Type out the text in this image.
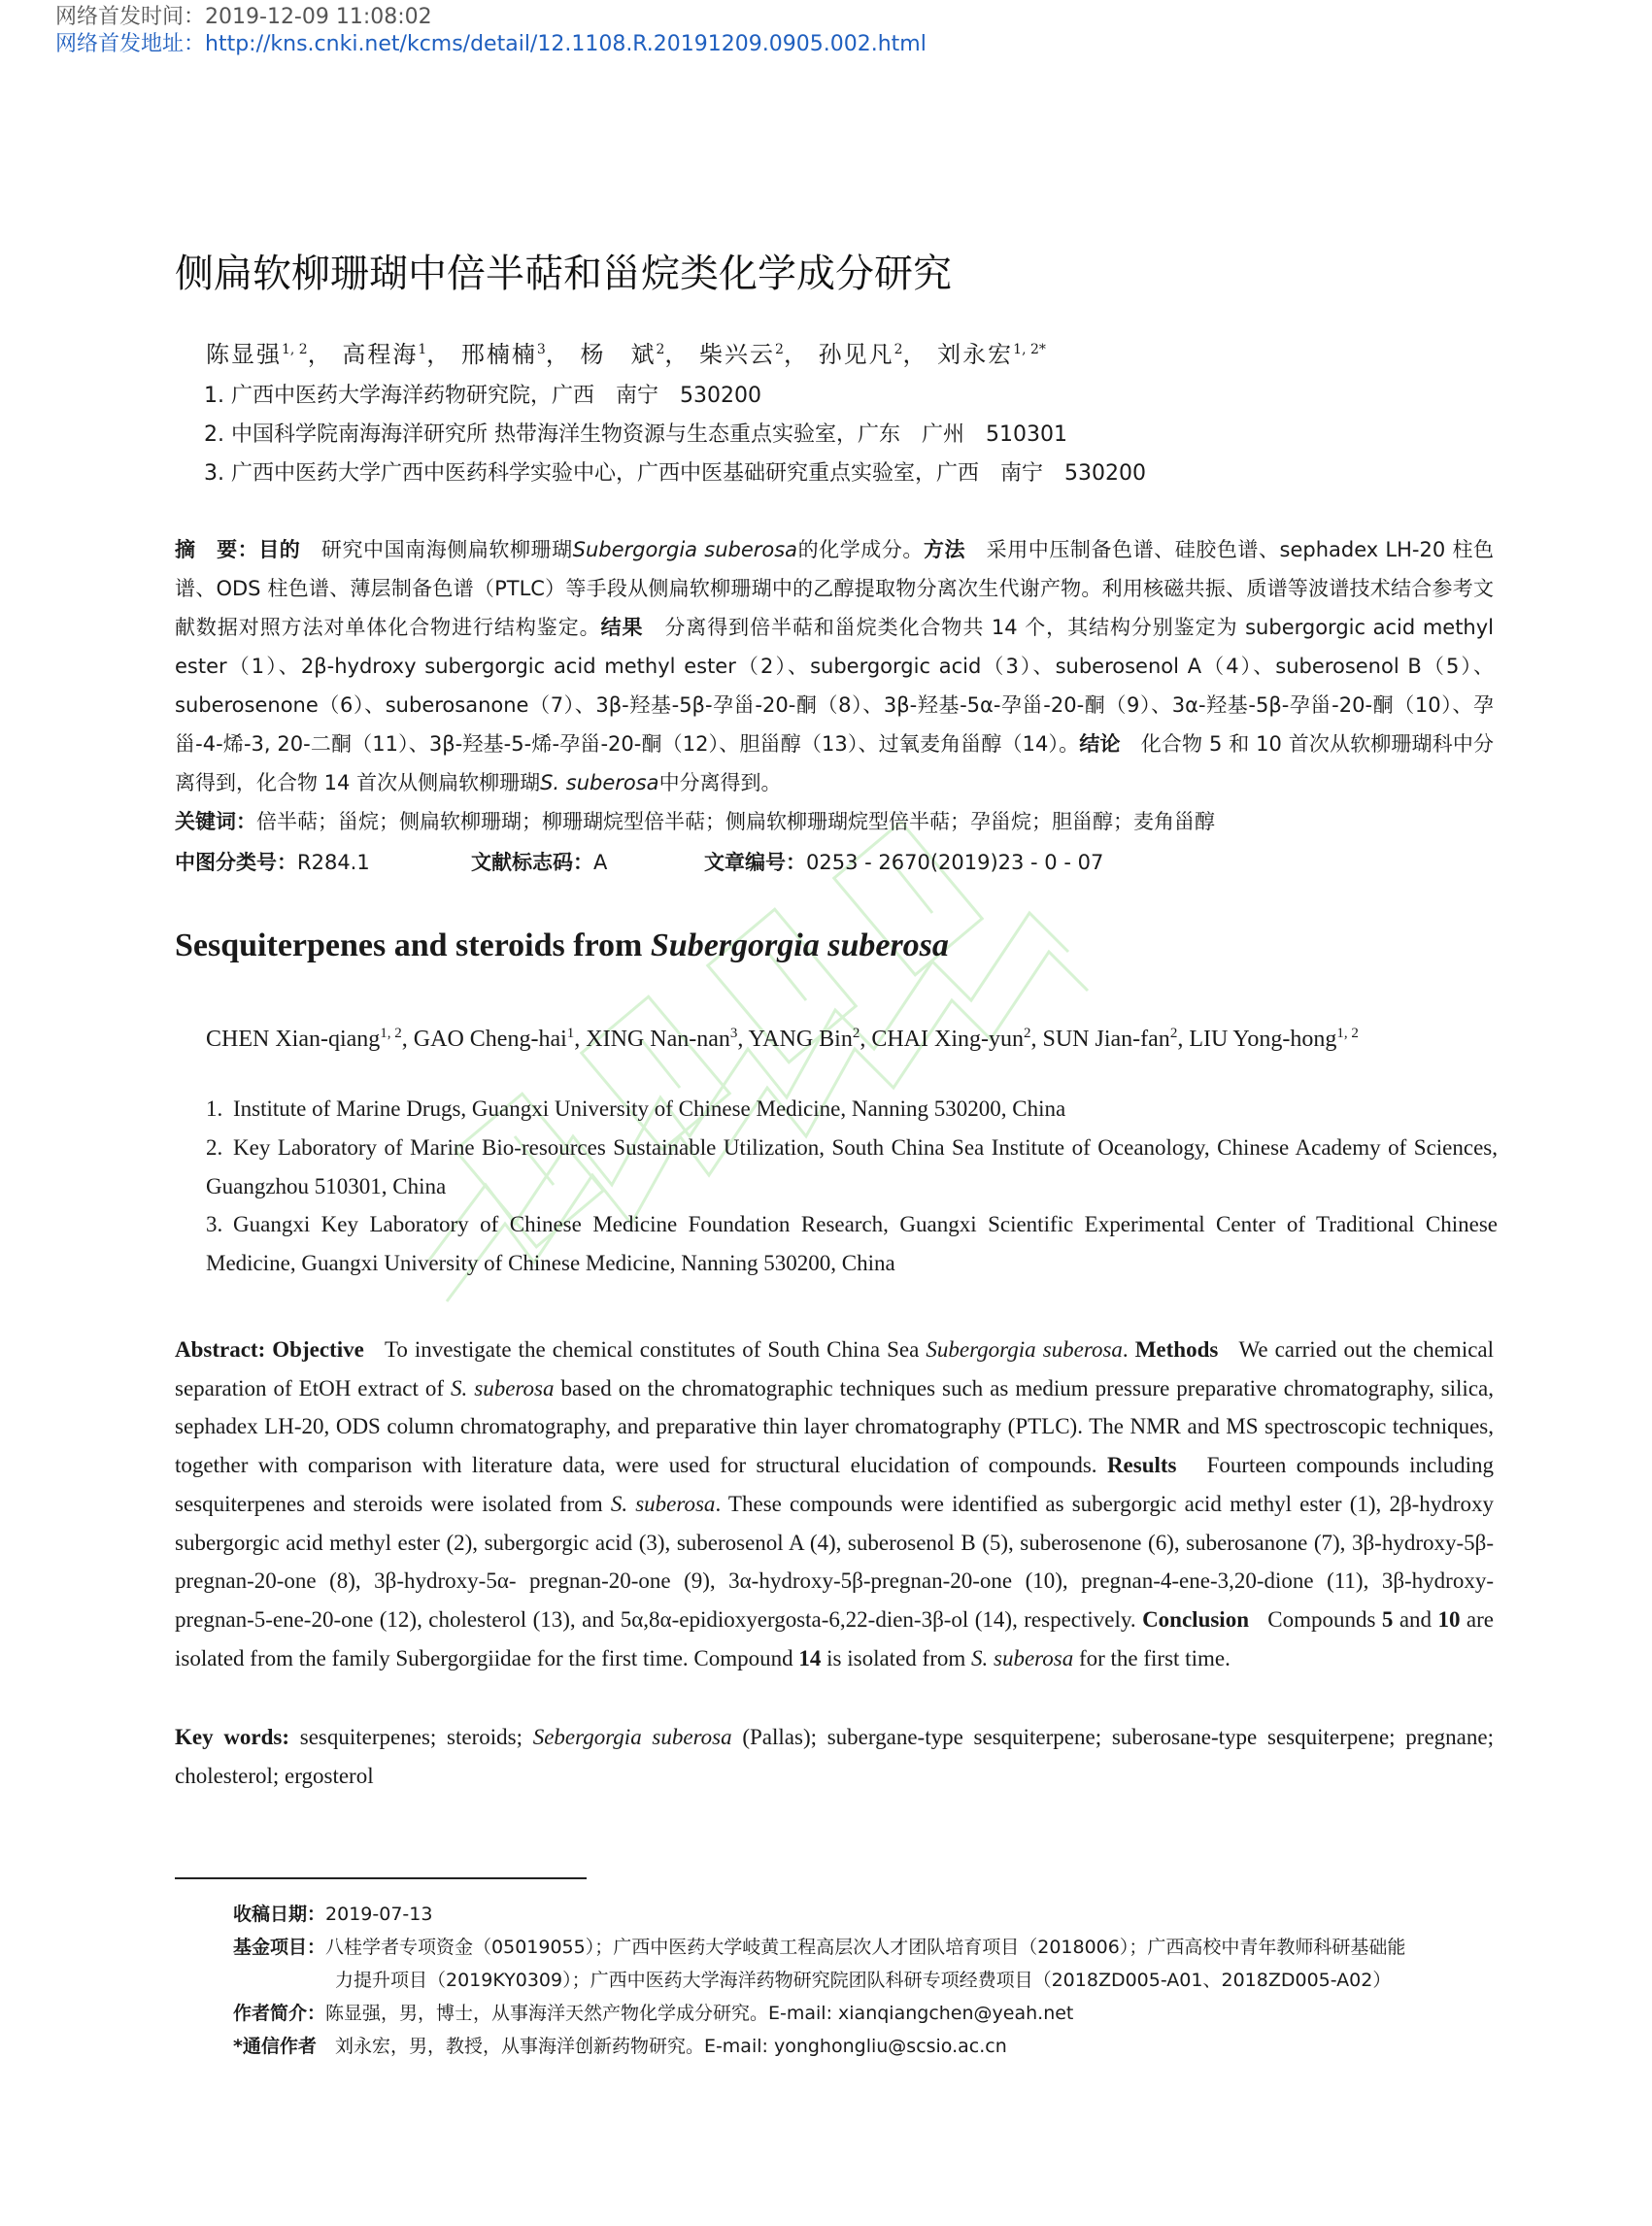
网络首发时间：2019-12-09 11:08:02
网络首发地址：http://kns.cnki.net/kcms/detail/12.1108.R.20191209.0905.002.html
侧扁软柳珊瑚中倍半萜和甾烷类化学成分研究
陈显强$^{1, 2}$， 高程海$^1$， 邢楠楠$^3$， 杨　斌$^2$， 柴兴云$^2$， 孙见凡$^2$， 刘永宏$^{1, 2*}$
1. 广西中医药大学海洋药物研究院，广西　南宁　530200
2. 中国科学院南海海洋研究所 热带海洋生物资源与生态重点实验室，广东　广州　510301
3. 广西中医药大学广西中医药科学实验中心，广西中医基础研究重点实验室，广西　南宁　530200
摘　要：目的　研究中国南海侧扁软柳珊瑚Subergorgia suberosa的化学成分。方法　采用中压制备色谱、硅胶色谱、sephadex LH-20 柱色谱、ODS 柱色谱、薄层制备色谱（PTLC）等手段从侧扁软柳珊瑚中的乙醇提取物分离次生代谢产物。利用核磁共振、质谱等波谱技术结合参考文献数据对照方法对单体化合物进行结构鉴定。结果　分离得到倍半萜和甾烷类化合物共 14 个，其结构分别鉴定为 subergorgic acid methyl ester（1）、2β-hydroxy subergorgic acid methyl ester（2）、subergorgic acid（3）、suberosenol A（4）、suberosenol B（5）、suberosenone（6）、suberosanone（7）、3β-羟基-5β-孕甾-20-酮（8）、3β-羟基-5α-孕甾-20-酮（9）、3α-羟基-5β-孕甾-20-酮（10）、孕甾-4-烯-3, 20-二酮（11）、3β-羟基-5-烯-孕甾-20-酮（12）、胆甾醇（13）、过氧麦角甾醇（14）。结论　化合物 5 和 10 首次从软柳珊瑚科中分离得到，化合物 14 首次从侧扁软柳珊瑚S. suberosa中分离得到。
关键词：倍半萜；甾烷；侧扁软柳珊瑚；柳珊瑚烷型倍半萜；侧扁软柳珊瑚烷型倍半萜；孕甾烷；胆甾醇；麦角甾醇
中图分类号：R284.1	文献标志码：A	文章编号：0253 - 2670(2019)23 - 0 - 07
Sesquiterpenes and steroids from Subergorgia suberosa
CHEN Xian-qiang$^{1, 2}$, GAO Cheng-hai$^1$, XING Nan-nan$^3$, YANG Bin$^2$, CHAI Xing-yun$^2$, SUN Jian-fan$^2$, LIU Yong-hong$^{1, 2}$
1. Institute of Marine Drugs, Guangxi University of Chinese Medicine, Nanning 530200, China
2. Key Laboratory of Marine Bio-resources Sustainable Utilization, South China Sea Institute of Oceanology, Chinese Academy of Sciences, Guangzhou 510301, China
3. Guangxi Key Laboratory of Chinese Medicine Foundation Research, Guangxi Scientific Experimental Center of Traditional Chinese Medicine, Guangxi University of Chinese Medicine, Nanning 530200, China
Abstract: Objective To investigate the chemical constitutes of South China Sea Subergorgia suberosa. Methods We carried out the chemical separation of EtOH extract of S. suberosa based on the chromatographic techniques such as medium pressure preparative chromatography, silica, sephadex LH-20, ODS column chromatography, and preparative thin layer chromatography (PTLC). The NMR and MS spectroscopic techniques, together with comparison with literature data, were used for structural elucidation of compounds. Results Fourteen compounds including sesquiterpenes and steroids were isolated from S. suberosa. These compounds were identified as subergorgic acid methyl ester (1), 2β-hydroxy subergorgic acid methyl ester (2), subergorgic acid (3), suberosenol A (4), suberosenol B (5), suberosenone (6), suberosanone (7), 3β-hydroxy-5β-pregnan-20-one (8), 3β-hydroxy-5α- pregnan-20-one (9), 3α-hydroxy-5β-pregnan-20-one (10), pregnan-4-ene-3,20-dione (11), 3β-hydroxy-pregnan-5-ene-20-one (12), cholesterol (13), and 5α,8α-epidioxyergosta-6,22-dien-3β-ol (14), respectively. Conclusion Compounds 5 and 10 are isolated from the family Subergorgiidae for the first time. Compound 14 is isolated from S. suberosa for the first time.
Key words: sesquiterpenes; steroids; Sebergorgia suberosa (Pallas); subergane-type sesquiterpene; suberosane-type sesquiterpene; pregnane; cholesterol; ergosterol
收稿日期：2019-07-13
基金项目：八桂学者专项资金（05019055）；广西中医药大学岐黄工程高层次人才团队培育项目（2018006）；广西高校中青年教师科研基础能
力提升项目（2019KY0309）；广西中医药大学海洋药物研究院团队科研专项经费项目（2018ZD005-A01、2018ZD005-A02）
作者简介：陈显强，男，博士，从事海洋天然产物化学成分研究。E-mail: xianqiangchen@yeah.net
*通信作者　刘永宏，男，教授，从事海洋创新药物研究。E-mail: yonghongliu@scsio.ac.cn
